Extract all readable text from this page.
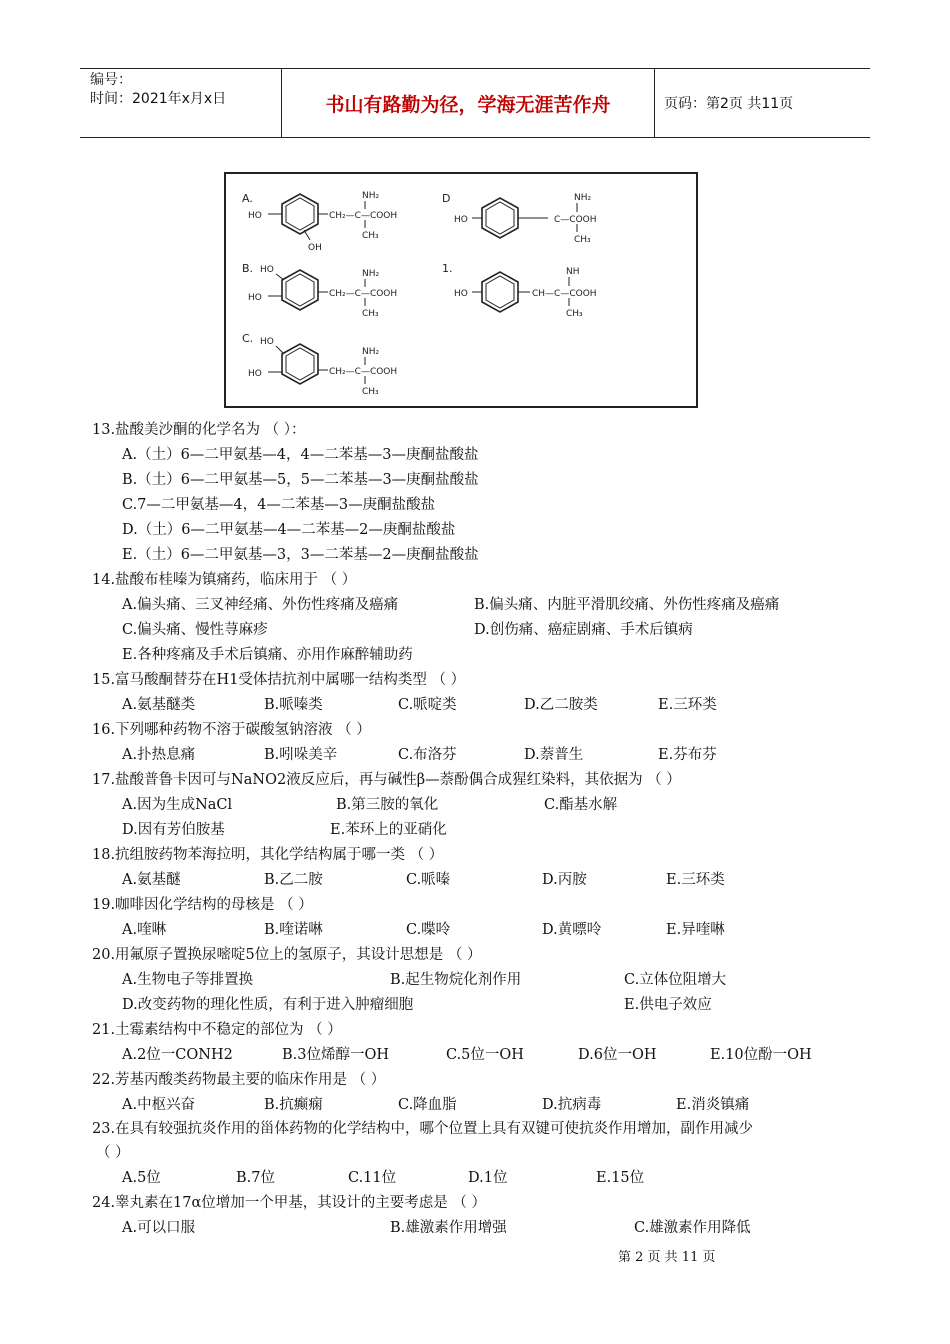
编号：
时间：2021年x月x日	书山有路勤为径，学海无涯苦作舟	页码：第2页 共11页
A.
HO
OH
CH₂—C—COOH
NH₂
CH₃
B. HO
HO	CH₂—C—COOH
NH₂
CH₃
C. HO
HO	CH₂—C—COOH
NH₂
CH₃
D
HO	C—COOH
NH₂
CH₃
1.
HO	CH—C—COOH
NH
CH₃
13.盐酸美沙酮的化学名为 （ ）：
A.（土）6—二甲氨基—4，4—二苯基—3—庚酮盐酸盐
B.（土）6—二甲氨基—5，5—二苯基—3—庚酮盐酸盐
C.7—二甲氨基—4，4—二苯基—3—庚酮盐酸盐
D.（土）6—二甲氨基—4—二苯基—2—庚酮盐酸盐
E.（土）6—二甲氨基—3，3—二苯基—2—庚酮盐酸盐
14.盐酸布桂嗪为镇痛药，临床用于 （ ）
A.偏头痛、三叉神经痛、外伤性疼痛及癌痛	B.偏头痛、内脏平滑肌绞痛、外伤性疼痛及癌痛
C.偏头痛、慢性荨麻疹	D.创伤痛、癌症剧痛、手术后镇病
E.各种疼痛及手术后镇痛、亦用作麻醉辅助药
15.富马酸酮替芬在H1受体拮抗剂中属哪一结构类型 （ ）
A.氨基醚类	B.哌嗪类	C.哌啶类	D.乙二胺类	E.三环类
16.下列哪种药物不溶于碳酸氢钠溶液 （ ）
A.扑热息痛	B.吲哚美辛	C.布洛芬	D.萘普生	E.芬布芬
17.盐酸普鲁卡因可与NaNO2液反应后，再与碱性β—萘酚偶合成猩红染料，其依据为 （ ）
A.因为生成NaCl	B.第三胺的氧化	C.酯基水解
D.因有芳伯胺基	E.苯环上的亚硝化
18.抗组胺药物苯海拉明，其化学结构属于哪一类 （ ）
A.氨基醚	B.乙二胺	C.哌嗪	D.丙胺	E.三环类
19.咖啡因化学结构的母核是 （ ）
A.喹啉	B.喹诺啉	C.喋呤	D.黄嘌呤	E.异喹啉
20.用氟原子置换尿嘧啶5位上的氢原子，其设计思想是 （ ）
A.生物电子等排置换	B.起生物烷化剂作用	C.立体位阻增大
D.改变药物的理化性质，有利于进入肿瘤细胞	E.供电子效应
21.土霉素结构中不稳定的部位为 （ ）
A.2位一CONH2	B.3位烯醇一OH	C.5位一OH	D.6位一OH	E.10位酚一OH
22.芳基丙酸类药物最主要的临床作用是 （ ）
A.中枢兴奋	B.抗癫痫	C.降血脂	D.抗病毒	E.消炎镇痛
23.在具有较强抗炎作用的甾体药物的化学结构中，哪个位置上具有双键可使抗炎作用增加，副作用减少
（ ）
A.5位	B.7位	C.11位	D.1位	E.15位
24.睾丸素在17α位增加一个甲基，其设计的主要考虑是 （ ）
A.可以口服	B.雄激素作用增强	C.雄激素作用降低
第 2 页 共 11 页
